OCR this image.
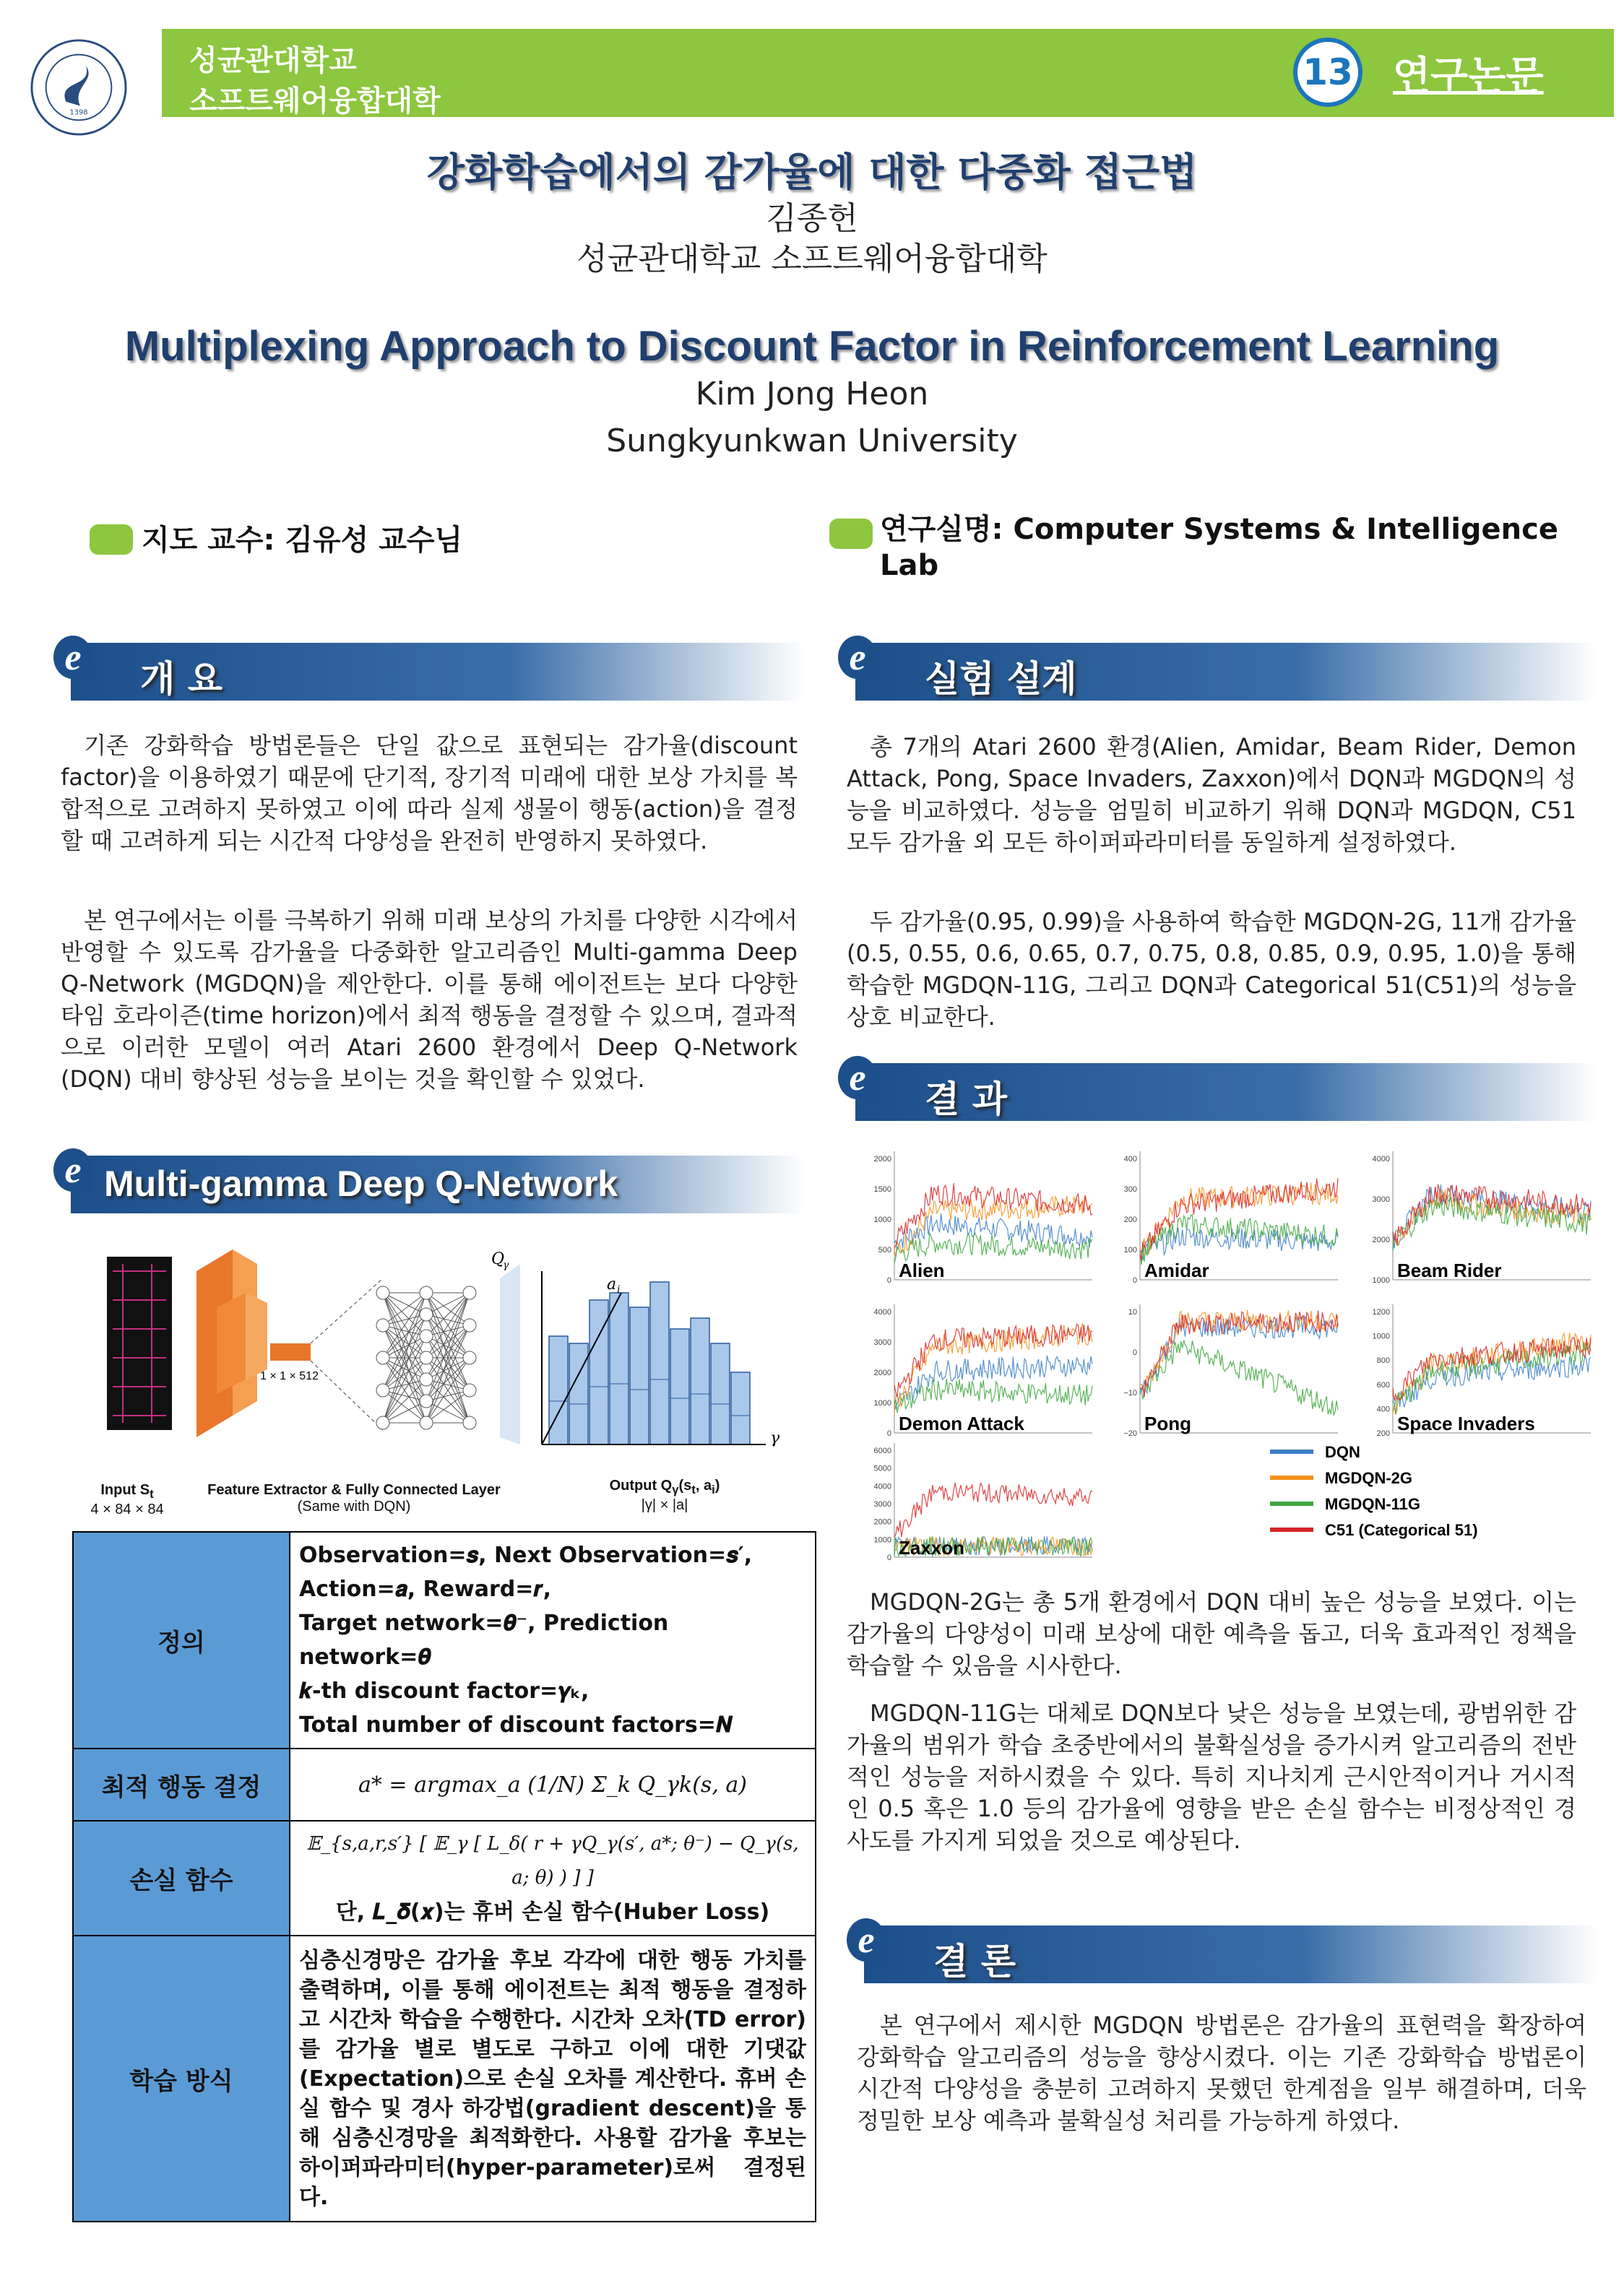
1398
성균관대학교
소프트웨어융합대학
13 연구논문
강화학습에서의 감가율에 대한 다중화 접근법
김종헌
성균관대학교 소프트웨어융합대학
Multiplexing Approach to Discount Factor in Reinforcement Learning
Kim Jong Heon
Sungkyunkwan University
지도 교수: 김유성 교수님	연구실명: Computer Systems & Intelligence
Lab
e
개 요
기존 강화학습 방법론들은 단일 값으로 표현되는 감가율(discount factor)을 이용하였기 때문에 단기적, 장기적 미래에 대한 보상 가치를 복합적으로 고려하지 못하였고 이에 따라 실제 생물이 행동(action)을 결정할 때 고려하게 되는 시간적 다양성을 완전히 반영하지 못하였다.
본 연구에서는 이를 극복하기 위해 미래 보상의 가치를 다양한 시각에서 반영할 수 있도록 감가율을 다중화한 알고리즘인 Multi-gamma Deep Q-Network (MGDQN)을 제안한다. 이를 통해 에이전트는 보다 다양한 타임 호라이즌(time horizon)에서 최적 행동을 결정할 수 있으며, 결과적으로 이러한 모델이 여러 Atari 2600 환경에서 Deep Q-Network (DQN) 대비 향상된 성능을 보이는 것을 확인할 수 있었다.
e Multi-gamma Deep Q-Network
1 × 1 × 512
Q
γ
a i
γ
Input $S_t$
4 × 84 × 84
Feature Extractor & Fully Connected Layer
(Same with DQN)
Output $Q_\gamma(s_t$, $a_i$)
|γ| × |a|
정의	Observation=𝒔, Next Observation=𝒔′,
Action=𝒂, Reward=𝒓,
Target network=𝜽⁻, Prediction network=𝜽
𝒌-th discount factor=𝜸ₖ,
Total number of discount factors=𝑵

최적 행동 결정	a* = argmax_a (1/N) Σ_k Q_γk(s, a)
손실 함수	𝔼_{s,a,r,s′} [ 𝔼_γ [ L_δ( r + γQ_γ(s′, a*; θ⁻) − Q_γ(s, a; θ) ) ] ]
단, 𝑳_𝜹(𝒙)는 휴버 손실 함수(Huber Loss)

학습 방식	심층신경망은 감가율 후보 각각에 대한 행동 가치를 출력하며, 이를 통해 에이전트는 최적 행동을 결정하고 시간차 학습을 수행한다. 시간차 오차(TD error)를 감가율 별로 별도로 구하고 이에 대한 기댓값(Expectation)으로 손실 오차를 계산한다. 휴버 손실 함수 및 경사 하강법(gradient descent)을 통해 심층신경망을 최적화한다. 사용할 감가율 후보는 하이퍼파라미터(hyper-parameter)로써 결정된다.
e
실험 설계
총 7개의 Atari 2600 환경(Alien, Amidar, Beam Rider, Demon Attack, Pong, Space Invaders, Zaxxon)에서 DQN과 MGDQN의 성능을 비교하였다. 성능을 엄밀히 비교하기 위해 DQN과 MGDQN, C51 모두 감가율 외 모든 하이퍼파라미터를 동일하게 설정하였다.
두 감가율(0.95, 0.99)을 사용하여 학습한 MGDQN-2G, 11개 감가율(0.5, 0.55, 0.6, 0.65, 0.7, 0.75, 0.8, 0.85, 0.9, 0.95, 1.0)을 통해 학습한 MGDQN-11G, 그리고 DQN과 Categorical 51(C51)의 성능을 상호 비교한다.
e
결 과
0
500
1000
1500
2000
Alien	0
100
200
300
400
Amidar	1000
2000
3000
4000
Beam Rider
0
1000
2000
3000
4000
Demon Attack	−20
−10
0
10
Pong	200
400
600
800
1000
1200
Space Invaders
0
1000
2000
3000
4000
5000
6000
Zaxxon
DQN
MGDQN-2G
MGDQN-11G
C51 (Categorical 51)
MGDQN-2G는 총 5개 환경에서 DQN 대비 높은 성능을 보였다. 이는 감가율의 다양성이 미래 보상에 대한 예측을 돕고, 더욱 효과적인 정책을 학습할 수 있음을 시사한다.
MGDQN-11G는 대체로 DQN보다 낮은 성능을 보였는데, 광범위한 감가율의 범위가 학습 초중반에서의 불확실성을 증가시켜 알고리즘의 전반적인 성능을 저하시켰을 수 있다. 특히 지나치게 근시안적이거나 거시적인 0.5 혹은 1.0 등의 감가율에 영향을 받은 손실 함수는 비정상적인 경사도를 가지게 되었을 것으로 예상된다.
e
결 론
본 연구에서 제시한 MGDQN 방법론은 감가율의 표현력을 확장하여 강화학습 알고리즘의 성능을 향상시켰다. 이는 기존 강화학습 방법론이 시간적 다양성을 충분히 고려하지 못했던 한계점을 일부 해결하며, 더욱 정밀한 보상 예측과 불확실성 처리를 가능하게 하였다.
